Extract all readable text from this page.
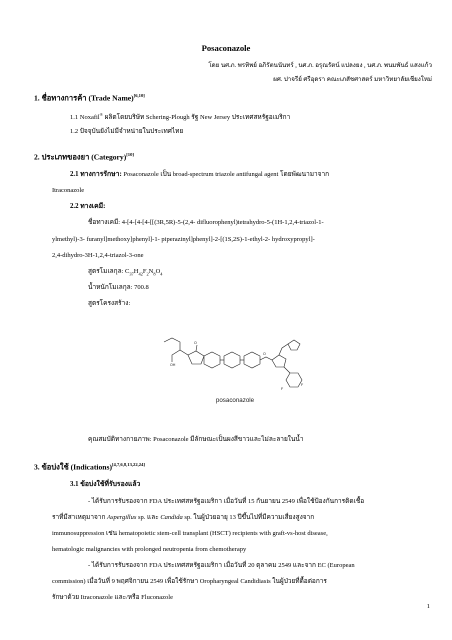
Posaconazole
โดย นศ.ภ. พรทิพย์ อภิรัตนนันทร์ , นศ.ภ. อรุณรัตน์ แปลงยง , นศ.ภ. พนมพันธ์ แสงแก้ว
ผศ. ปาจรีย์ ศรีอุดรา คณะเภสัชศาสตร์ มหาวิทยาลัยเชียงใหม่
1. ชื่อทางการค้า (Trade Name)[6,10]
1.1 Noxafil® ผลิตโดยบริษัท Schering-Plough รัฐ New Jersey ประเทศสหรัฐอเมริกา
1.2 ปัจจุบันยังไม่มีจำหน่ายในประเทศไทย
2. ประเภทของยา (Category)[10]
2.1 ทางการรักษา: Posaconazole เป็น broad-spectrum triazole antifungal agent โดยพัฒนามาจาก
Itraconazole
2.2 ทางเคมี:
ชื่อทางเคมี: 4-[4-[4-[4-[[(3R,5R)-5-(2,4- difluorophenyl)tetrahydro-5-(1H-1,2,4-triazol-1-
ylmethyl)-3- furanyl]methoxy]phenyl]-1- piperazinyl]phenyl]-2-[(1S,2S)-1-ethyl-2- hydroxypropyl]-
2,4-dihydro-3H-1,2,4-triazol-3-one
สูตรโมเลกุล: $C_{37}H_{42}F_2N_8O_4$
น้ำหนักโมเลกุล: 700.8
สูตรโครงสร้าง:
OH
O
F
F
O
posaconazole
คุณสมบัติทางกายภาพ: Posaconazole มีลักษณะเป็นผงสีขาวและไม่ละลายในน้ำ
3. ข้อบ่งใช้ (Indications)[4,7,6,8,13,22,24]
3.1 ข้อบ่งใช้ที่รับรองแล้ว
- ได้รับการรับรองจาก FDA ประเทศสหรัฐอเมริกา เมื่อวันที่ 15 กันยายน 2549 เพื่อใช้ป้องกันการติดเชื้อ
ราที่มีสาเหตุมาจาก Aspergillus sp. และ Candida sp. ในผู้ป่วยอายุ 13 ปีขึ้นไปที่มีความเสี่ยงสูงจาก
immunosuppression เช่น hematopoietic stem-cell transplant (HSCT) recipients with graft-vs-host disease,
hematologic malignancies with prolonged neutropenia from chemotherapy
- ได้รับการรับรองจาก FDA ประเทศสหรัฐอเมริกา เมื่อวันที่ 20 ตุลาคม 2549 และจาก EC (European
commission) เมื่อวันที่ 9 พฤศจิกายน 2549 เพื่อใช้รักษา Oropharyngeal Candidiasis ในผู้ป่วยที่ดื้อต่อการ
รักษาด้วย Itraconazole และ/หรือ Fluconazole
1
